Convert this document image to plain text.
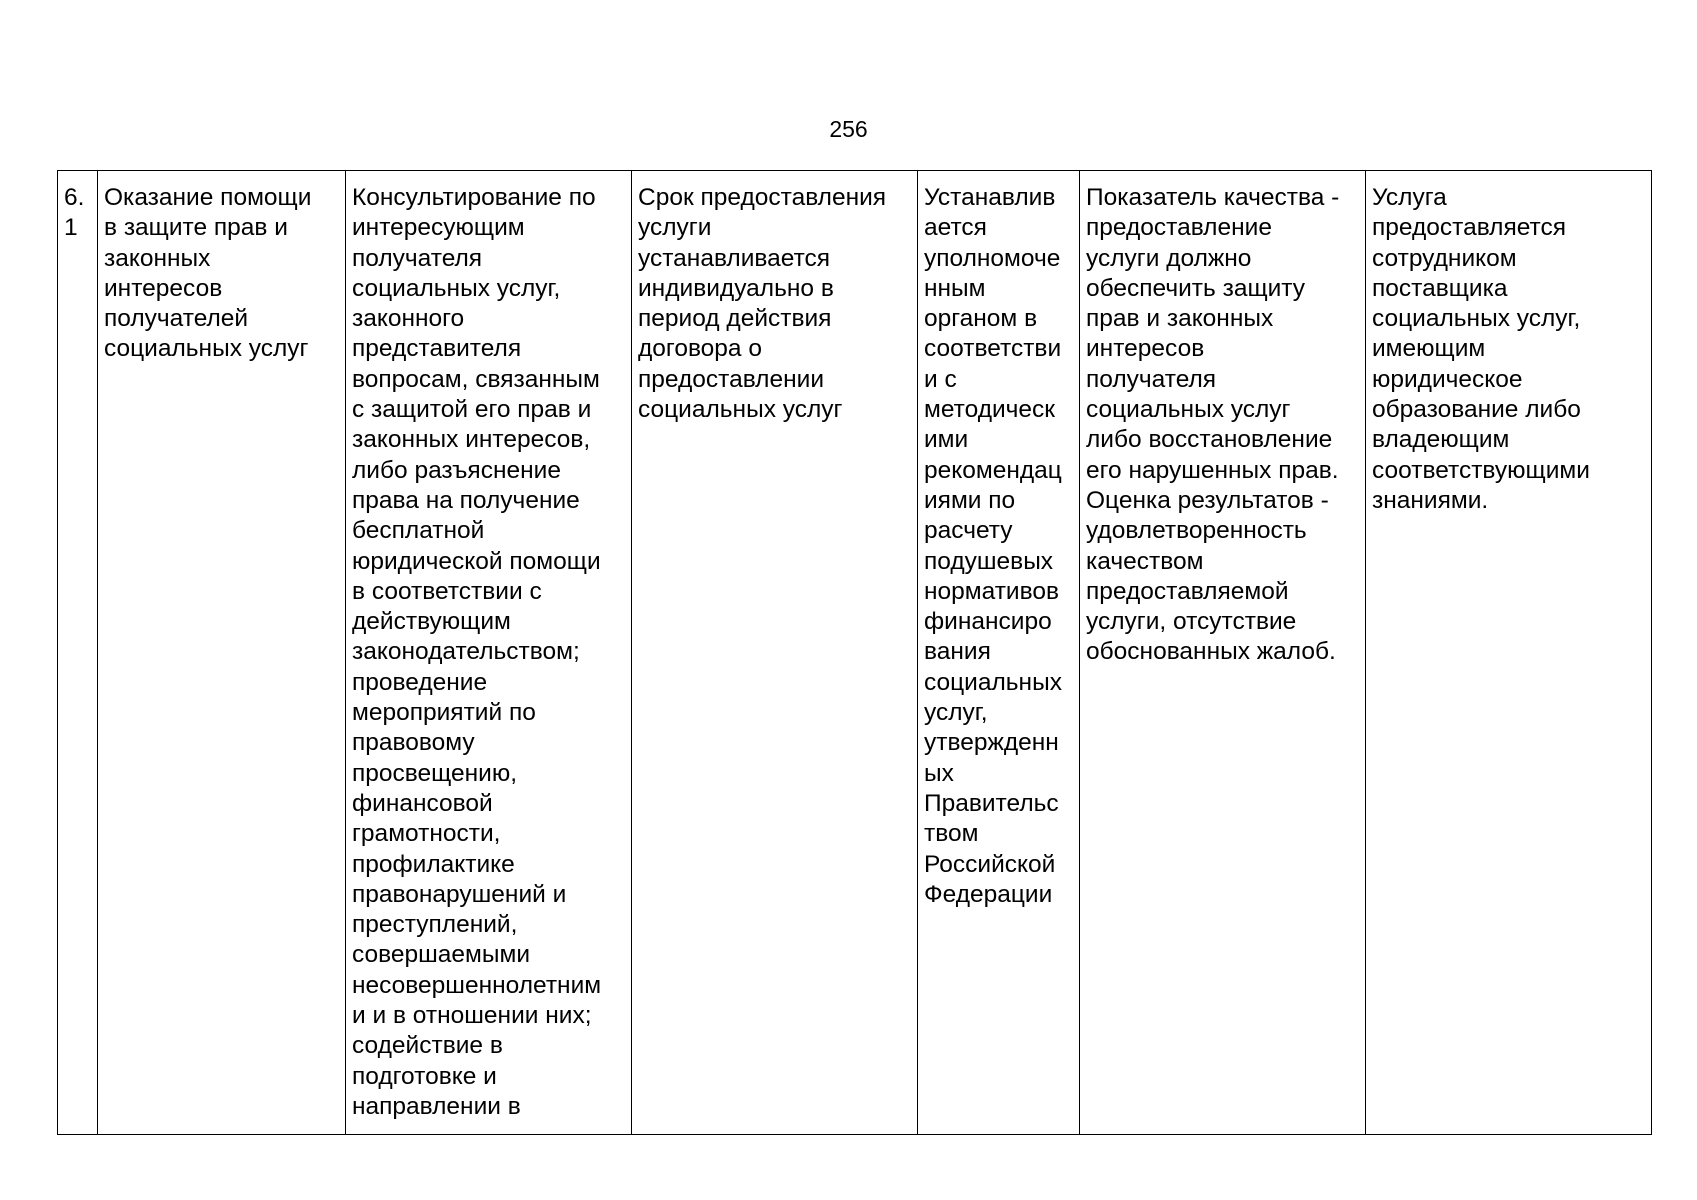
256
6.
1	Оказание помощи
в защите прав и
законных
интересов
получателей
социальных услуг	Консультирование по
интересующим
получателя
социальных услуг,
законного
представителя
вопросам, связанным
с защитой его прав и
законных интересов,
либо разъяснение
права на получение
бесплатной
юридической помощи
в соответствии с
действующим
законодательством;
проведение
мероприятий по
правовому
просвещению,
финансовой
грамотности,
профилактике
правонарушений и
преступлений,
совершаемыми
несовершеннолетним
и и в отношении них;
содействие в
подготовке и
направлении в	Срок предоставления
услуги
устанавливается
индивидуально в
период действия
договора о
предоставлении
социальных услуг	Устанавлив
ается
уполномоче
нным
органом в
соответстви
и с
методическ
ими
рекомендац
иями по
расчету
подушевых
нормативов
финансиро
вания
социальных
услуг,
утвержденн
ых
Правительс
твом
Российской
Федерации	Показатель качества -
предоставление
услуги должно
обеспечить защиту
прав и законных
интересов
получателя
социальных услуг
либо восстановление
его нарушенных прав.
Оценка результатов -
удовлетворенность
качеством
предоставляемой
услуги, отсутствие
обоснованных жалоб.	Услуга
предоставляется
сотрудником
поставщика
социальных услуг,
имеющим
юридическое
образование либо
владеющим
соответствующими
знаниями.
